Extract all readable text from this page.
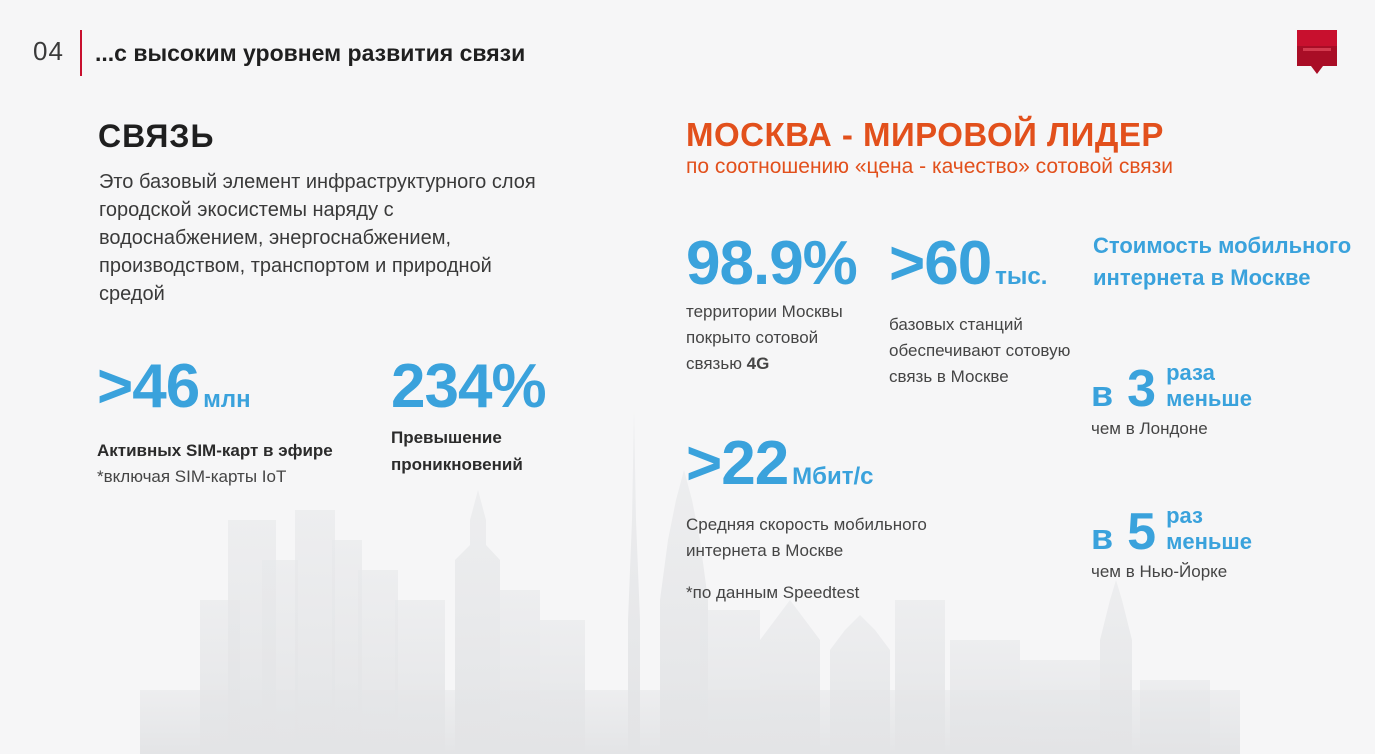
04 ...с высоким уровнем развития связи
СВЯЗЬ
Это базовый элемент инфраструктурного слоя городской экосистемы наряду с водоснабжением, энергоснабжением, производством, транспортом и природной средой
>46 млн
Активных SIM-карт в эфире
*включая SIM-карты IoT
234%
Превышение
проникновений
МОСКВА - МИРОВОЙ ЛИДЕР
по соотношению «цена - качество» сотовой связи
98.9%
территории Москвы
покрыто сотовой
связью 4G
>60 тыс.
базовых станций
обеспечивают сотовую
связь в Москве
>22 Мбит/с
Средняя скорость мобильного
интернета в Москве
*по данным Speedtest
Стоимость мобильного интернета в Москве
в 3 раза
меньше
чем в Лондоне
в 5 раз
меньше
чем в Нью-Йорке
